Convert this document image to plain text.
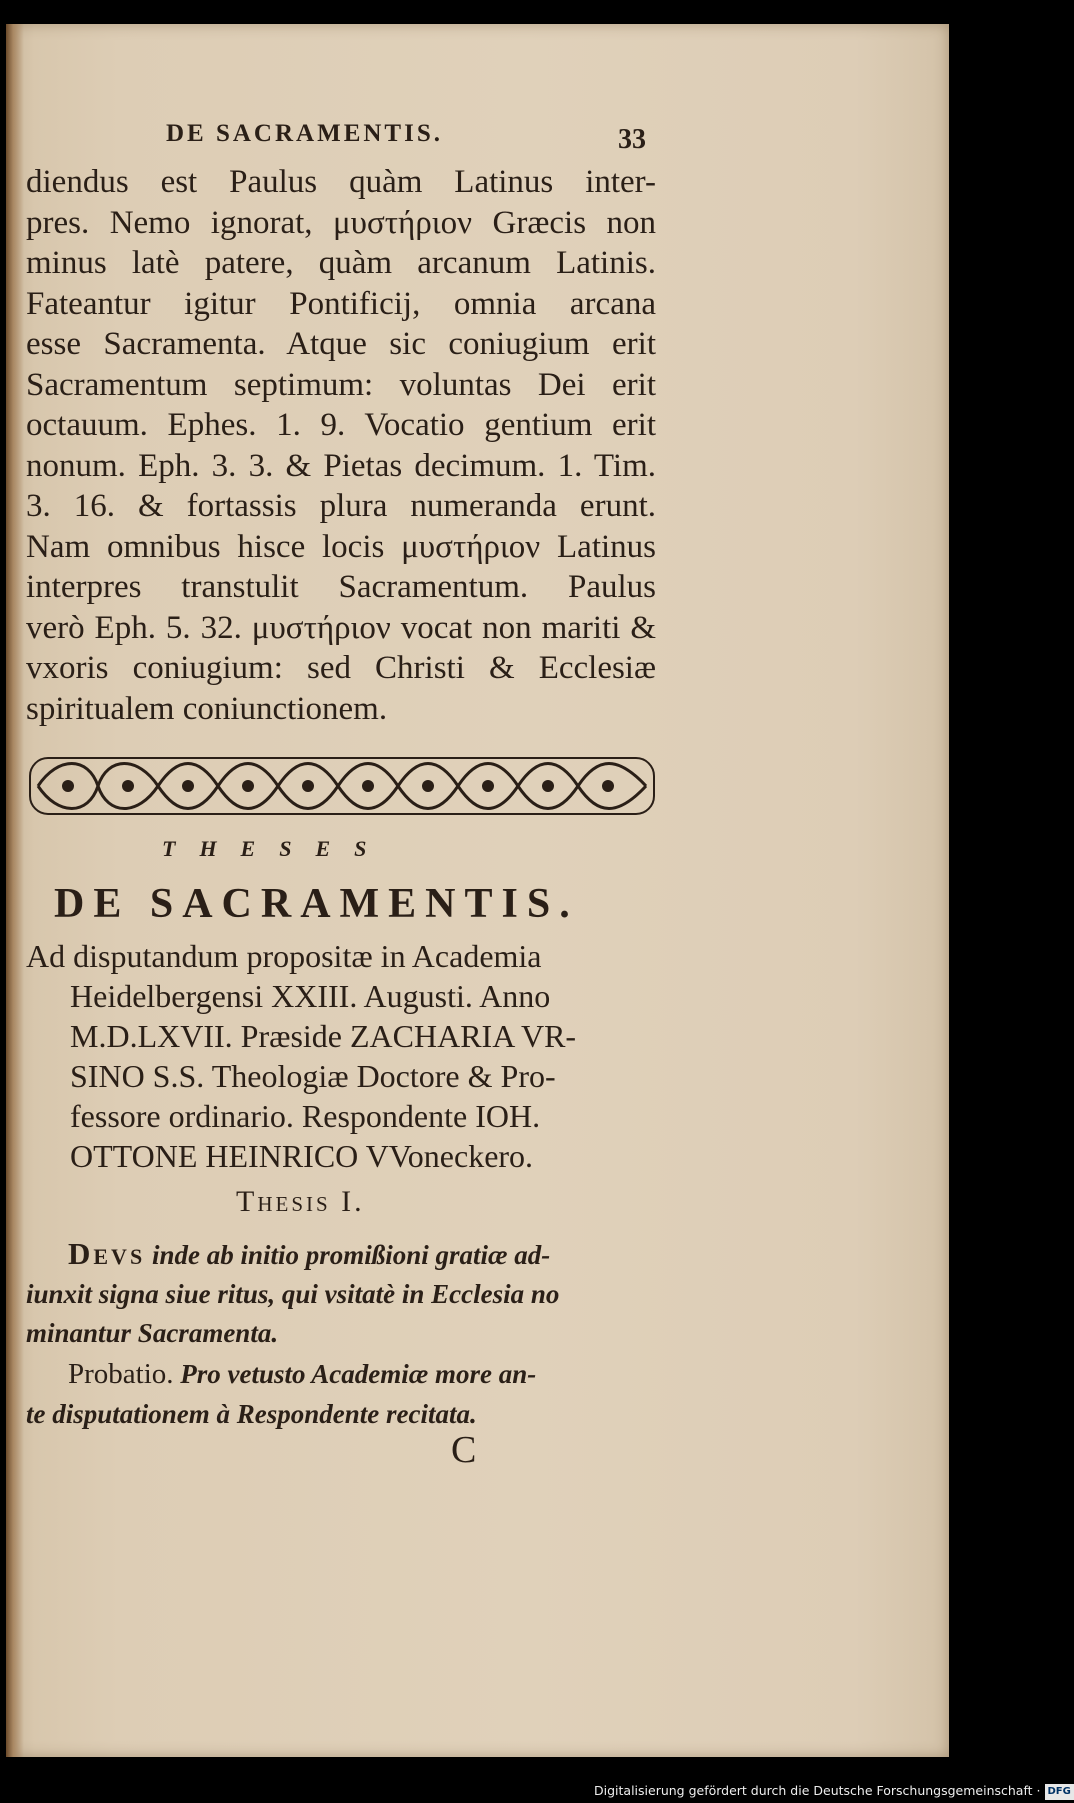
DE SACRAMENTIS.	33
diendus est Paulus quàm Latinus inter-
pres. Nemo ignorat, μυστήριον Græcis non
minus latè patere, quàm arcanum Latinis.
Fateantur igitur Pontificij, omnia arcana
esse Sacramenta. Atque sic coniugium erit
Sacramentum septimum: voluntas Dei erit
octauum. Ephes. 1. 9. Vocatio gentium erit
nonum. Eph. 3. 3. & Pietas decimum. 1. Tim.
3. 16. & fortassis plura numeranda erunt.
Nam omnibus hisce locis μυστήριον Latinus
interpres transtulit Sacramentum. Paulus
verò Eph. 5. 32. μυστήριον vocat non mariti &
vxoris coniugium: sed Christi & Ecclesiæ
spiritualem coniunctionem.
THESES
DE SACRAMENTIS.
Ad disputandum propositæ in Academia
Heidelbergensi XXIII. Augusti. Anno
M.D.LXVII. Præside ZACHARIA VR-
SINO S.S. Theologiæ Doctore & Pro-
fessore ordinario. Respondente IOH.
OTTONE HEINRICO VVoneckero.
Thesis I.
Devs inde ab initio promißioni gratiæ ad-
iunxit signa siue ritus, qui vsitatè in Ecclesia no
minantur Sacramenta.
Probatio. Pro vetusto Academiæ more an-
te disputationem à Respondente recitata.
C
Digitalisierung gefördert durch die Deutsche Forschungsgemeinschaft · DFG
